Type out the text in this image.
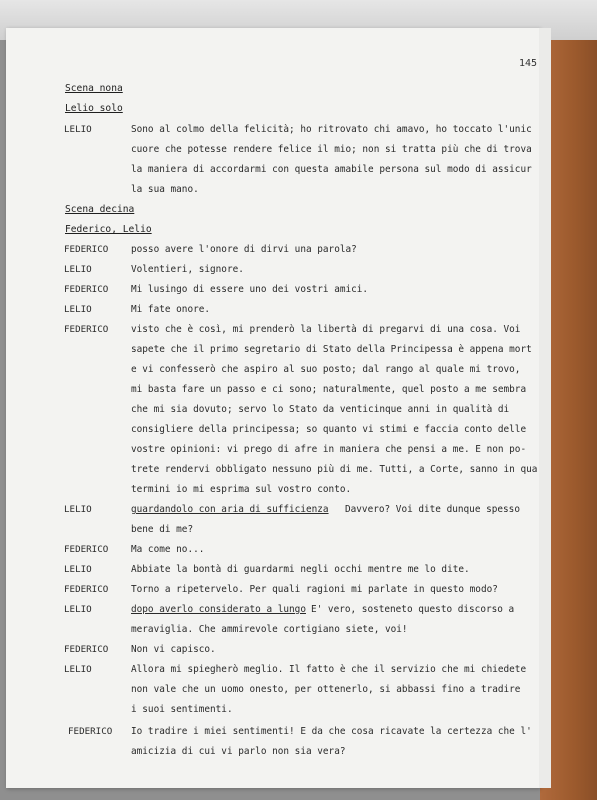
145
Scena nona
Lelio solo
LELIO	Sono al colmo della felicità; ho ritrovato chi amavo, ho toccato l'unic
cuore che potesse rendere felice il mio; non si tratta più che di trova
la maniera di accordarmi con questa amabile persona sul modo di assicur
la sua mano.
Scena decina
Federico, Lelio
FEDERICO posso avere l'onore di dirvi una parola?
LELIO	Volentieri, signore.
FEDERICO Mi lusingo di essere uno dei vostri amici.
LELIO	Mi fate onore.
FEDERICO visto che è così, mi prenderò la libertà di pregarvi di una cosa. Voi
sapete che il primo segretario di Stato della Principessa è appena mort
e vi confesserò che aspiro al suo posto; dal rango al quale mi trovo,
mi basta fare un passo e ci sono; naturalmente, quel posto a me sembra
che mi sia dovuto; servo lo Stato da venticinque anni in qualità di
consigliere della principessa; so quanto vi stimi e faccia conto delle
vostre opinioni: vi prego di afre in maniera che pensi a me. E non po-
trete rendervi obbligato nessuno più di me. Tutti, a Corte, sanno in qua
termini io mi esprima sul vostro conto.
LELIO	guardandolo con aria di sufficienza Davvero? Voi dite dunque spesso
bene di me?
FEDERICO Ma come no...
LELIO	Abbiate la bontà di guardarmi negli occhi mentre me lo dite.
FEDERICO Torno a ripetervelo. Per quali ragioni mi parlate in questo modo?
LELIO	dopo averlo considerato a lungo E' vero, sosteneto questo discorso a
meraviglia. Che ammirevole cortigiano siete, voi!
FEDERICO Non vi capisco.
LELIO	Allora mi spiegherò meglio. Il fatto è che il servizio che mi chiedete
non vale che un uomo onesto, per ottenerlo, si abbassi fino a tradire
i suoi sentimenti.
FEDERICO Io tradire i miei sentimenti! E da che cosa ricavate la certezza che l'
amicizia di cui vi parlo non sia vera?
